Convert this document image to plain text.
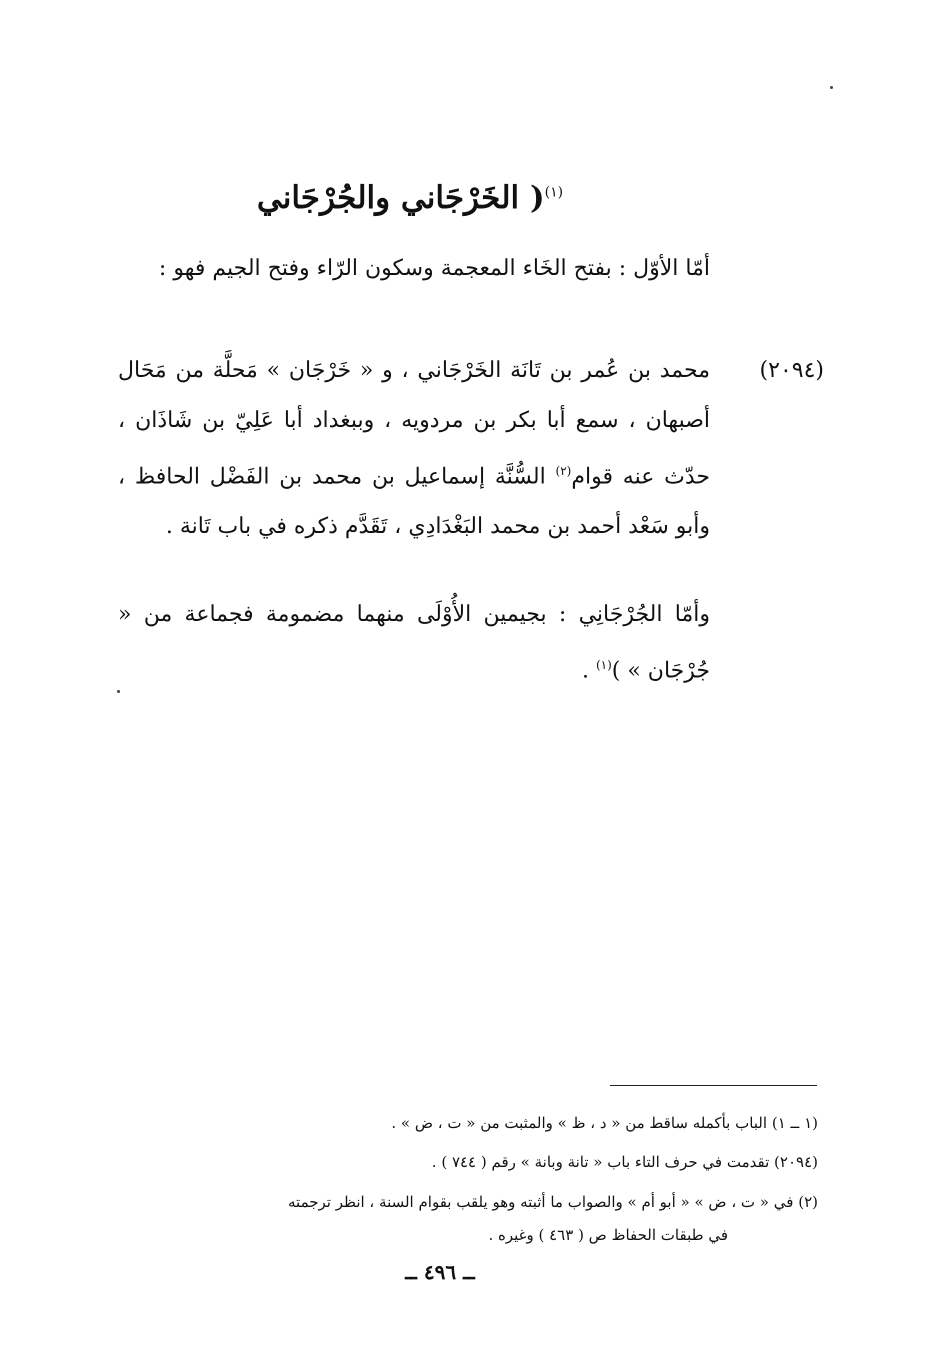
$^{(١)}$( الخَرْجَاني والجُرْجَاني
أمّا الأوّل : بفتح الخَاء المعجمة وسكون الرّاء وفتح الجيم فهو :
(٢٠٩٤)
محمد بن عُمر بن تَانَة الخَرْجَاني ، و « خَرْجَان » مَحلَّة من مَحَال أصبهان ، سمع أبا بكر بن مردويه ، وببغداد أبا عَلِيّ بن شَاذَان ، حدّث عنه قوام$^{(٢)}$ السُّنَّة إسماعيل بن محمد بن الفَضْل الحافظ ، وأبو سَعْد أحمد بن محمد البَغْدَادِي ، تَقَدَّم ذكره في باب تَانة .
وأمّا الجُرْجَانِي : بجيمين الأُوْلَى منهما مضمومة فجماعة من « جُرْجَان » )$^{(١)}$ .
(١ ــ ١) الباب بأكمله ساقط من « د ، ظ » والمثبت من « ت ، ض » .
(٢٠٩٤) تقدمت في حرف التاء باب « تانة وبانة » رقم ( ٧٤٤ ) .
(٢) في « ت ، ض » « أبو أم » والصواب ما أثبته وهو يلقب بقوام السنة ، انظر ترجمته
في طبقات الحفاظ ص ( ٤٦٣ ) وغيره .
ــ ٤٩٦ ــ
